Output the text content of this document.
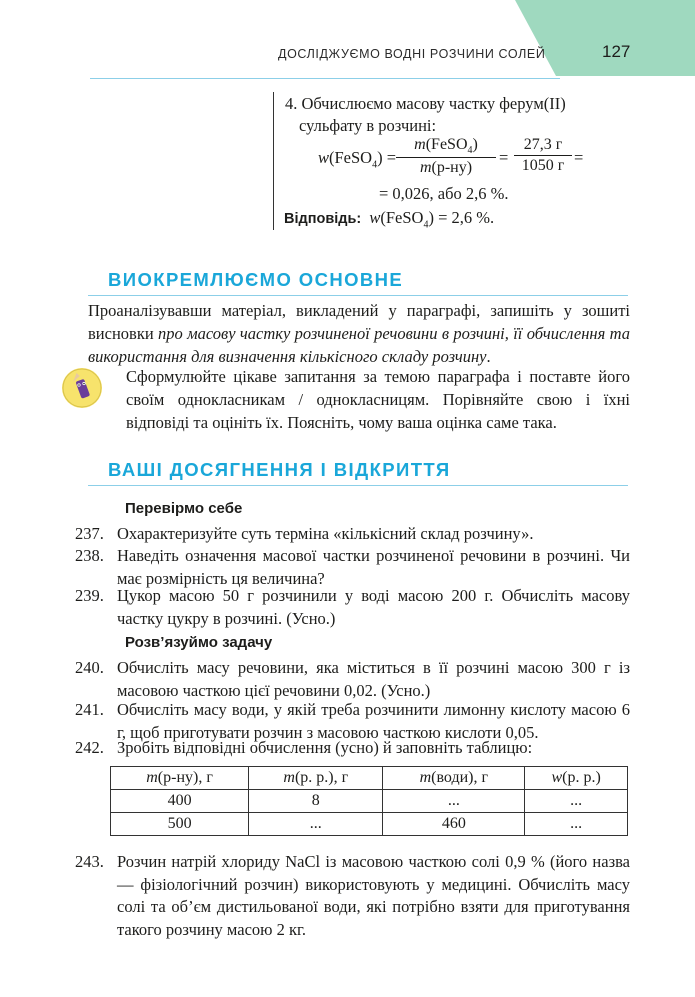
ДОСЛІДЖУЄМО ВОДНІ РОЗЧИНИ СОЛЕЙ	127
4. Обчислюємо масову частку ферум(II)
сульфату в розчині:
w(FeSO$_4$) =
m(FeSO$_4$)
m(р-ну)
=
27,3 г
1050 г =
= 0,026, або 2,6 %.
Відповідь: w(FeSO$_4$) = 2,6 %.
ВИОКРЕМЛЮЄМО ОСНОВНЕ
Проаналізувавши матеріал, викладений у параграфі, запишіть у зошиті висновки про масову частку розчиненої речовини в розчині, її обчислення та використання для визначення кількісного складу розчину.
Сформулюйте цікаве запитання за темою параграфа і поставте його своїм однокласникам / однокласницям. Порівняйте свою і їхні відповіді та оцініть їх. Поясніть, чому ваша оцінка саме така.
ВАШІ ДОСЯГНЕННЯ І ВІДКРИТТЯ
Перевірмо себе
237. Охарактеризуйте суть терміна «кількісний склад розчину».
238. Наведіть означення масової частки розчиненої речовини в розчині. Чи має розмірність ця величина?
239. Цукор масою 50 г розчинили у воді масою 200 г. Обчисліть масову частку цукру в розчині. (Усно.)
Розв’язуймо задачу
240. Обчисліть масу речовини, яка міститься в її розчині масою 300 г із масовою часткою цієї речовини 0,02. (Усно.)
241. Обчисліть масу води, у якій треба розчинити лимонну кислоту масою 6 г, щоб приготувати розчин з масовою часткою кислоти 0,05.
242. Зробіть відповідні обчислення (усно) й заповніть таблицю:
m(р-ну), г	m(р. р.), г	m(води), г	w(р. р.)
400	8	...	...
500	...	460	...
243. Розчин натрій хлориду NaCl із масовою часткою солі 0,9 % (його назва — фізіологічний розчин) використовують у медицині. Обчисліть масу солі та об’єм дистильованої води, які потрібно взяти для приготування такого розчину масою 2 кг.
